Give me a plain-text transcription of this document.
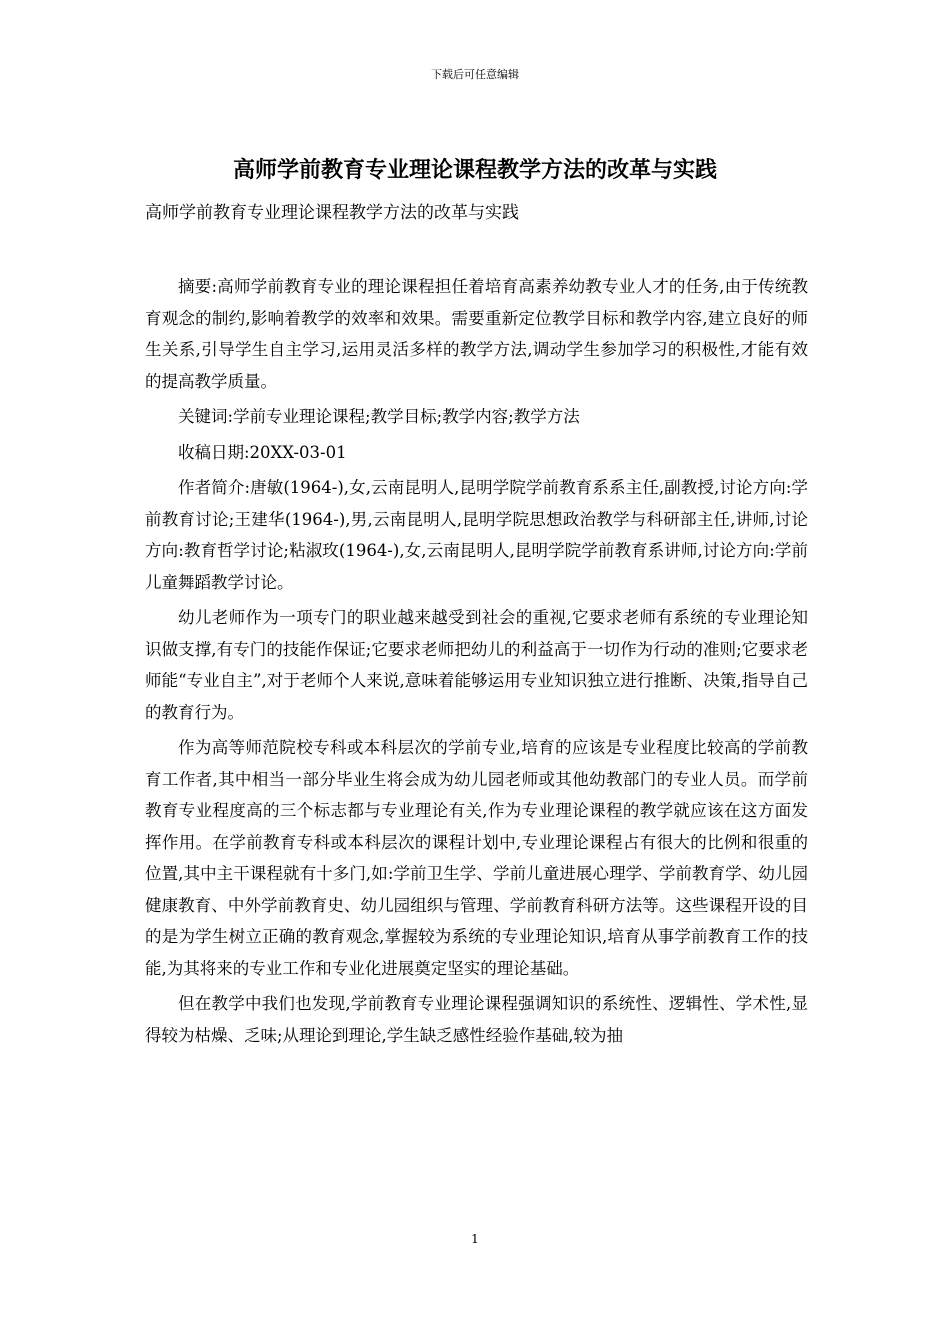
下载后可任意编辑
高师学前教育专业理论课程教学方法的改革与实践

高师学前教育专业理论课程教学方法的改革与实践

摘要:高师学前教育专业的理论课程担任着培育高素养幼教专业人才的任务,由于传统教育观念的制约,影响着教学的效率和效果。需要重新定位教学目标和教学内容,建立良好的师生关系,引导学生自主学习,运用灵活多样的教学方法,调动学生参加学习的积极性,才能有效的提高教学质量。

关键词:学前专业理论课程;教学目标;教学内容;教学方法

收稿日期:20XX-03-01

作者简介:唐敏(1964-),女,云南昆明人,昆明学院学前教育系系主任,副教授,讨论方向:学前教育讨论;王建华(1964-),男,云南昆明人,昆明学院思想政治教学与科研部主任,讲师,讨论方向:教育哲学讨论;粘淑玫(1964-),女,云南昆明人,昆明学院学前教育系讲师,讨论方向:学前儿童舞蹈教学讨论。

幼儿老师作为一项专门的职业越来越受到社会的重视,它要求老师有系统的专业理论知识做支撑,有专门的技能作保证;它要求老师把幼儿的利益高于一切作为行动的准则;它要求老师能“专业自主”,对于老师个人来说,意味着能够运用专业知识独立进行推断、决策,指导自己的教育行为。

作为高等师范院校专科或本科层次的学前专业,培育的应该是专业程度比较高的学前教育工作者,其中相当一部分毕业生将会成为幼儿园老师或其他幼教部门的专业人员。而学前教育专业程度高的三个标志都与专业理论有关,作为专业理论课程的教学就应该在这方面发挥作用。在学前教育专科或本科层次的课程计划中,专业理论课程占有很大的比例和很重的位置,其中主干课程就有十多门,如:学前卫生学、学前儿童进展心理学、学前教育学、幼儿园健康教育、中外学前教育史、幼儿园组织与管理、学前教育科研方法等。这些课程开设的目的是为学生树立正确的教育观念,掌握较为系统的专业理论知识,培育从事学前教育工作的技能,为其将来的专业工作和专业化进展奠定坚实的理论基础。

但在教学中我们也发现,学前教育专业理论课程强调知识的系统性、逻辑性、学术性,显得较为枯燥、乏味;从理论到理论,学生缺乏感性经验作基础,较为抽

1
